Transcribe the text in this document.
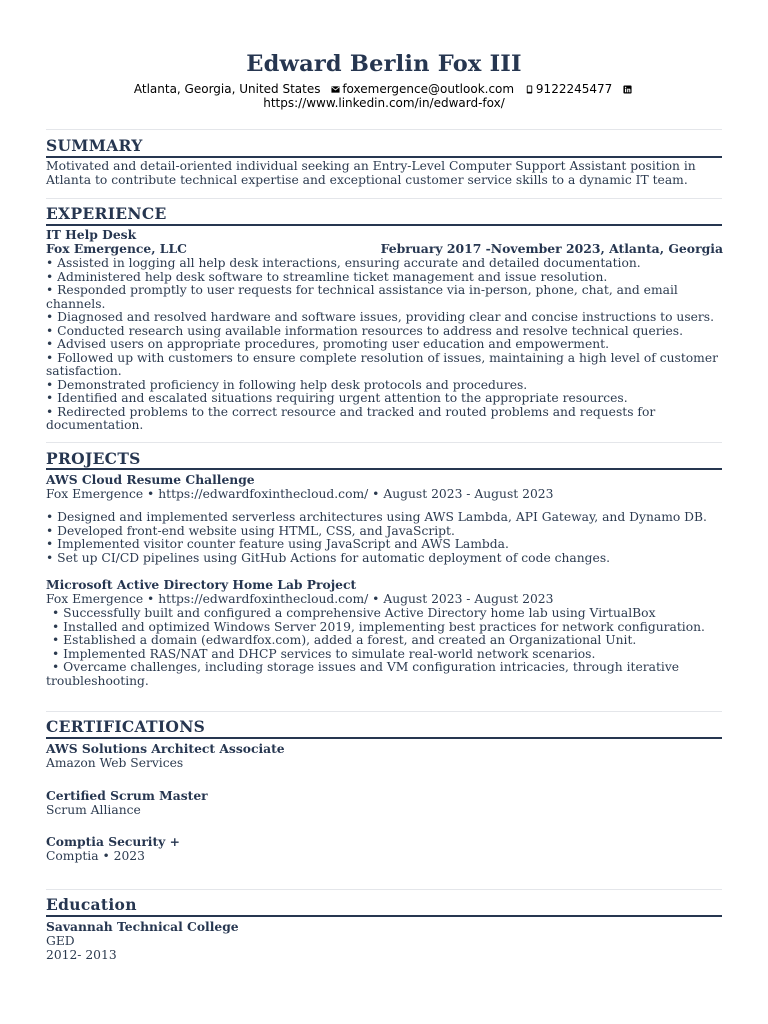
Edward Berlin Fox III
Atlanta, Georgia, United States foxemergence@outlook.com 9122245477
https://www.linkedin.com/in/edward-fox/
SUMMARY
Motivated and detail-oriented individual seeking an Entry-Level Computer Support Assistant position in Atlanta to contribute technical expertise and exceptional customer service skills to a dynamic IT team.
EXPERIENCE
IT Help Desk
Fox Emergence, LLC	February 2017 -November 2023, Atlanta, Georgia
• Assisted in logging all help desk interactions, ensuring accurate and detailed documentation.
• Administered help desk software to streamline ticket management and issue resolution.
• Responded promptly to user requests for technical assistance via in-person, phone, chat, and email channels.
• Diagnosed and resolved hardware and software issues, providing clear and concise instructions to users.
• Conducted research using available information resources to address and resolve technical queries.
• Advised users on appropriate procedures, promoting user education and empowerment.
• Followed up with customers to ensure complete resolution of issues, maintaining a high level of customer satisfaction.
• Demonstrated proficiency in following help desk protocols and procedures.
• Identified and escalated situations requiring urgent attention to the appropriate resources.
• Redirected problems to the correct resource and tracked and routed problems and requests for documentation.
PROJECTS
AWS Cloud Resume Challenge
Fox Emergence • https://edwardfoxinthecloud.com/ • August 2023 - August 2023
• Designed and implemented serverless architectures using AWS Lambda, API Gateway, and Dynamo DB.
• Developed front-end website using HTML, CSS, and JavaScript.
• Implemented visitor counter feature using JavaScript and AWS Lambda.
• Set up CI/CD pipelines using GitHub Actions for automatic deployment of code changes.
Microsoft Active Directory Home Lab Project
Fox Emergence • https://edwardfoxinthecloud.com/ • August 2023 - August 2023
• Successfully built and configured a comprehensive Active Directory home lab using VirtualBox
• Installed and optimized Windows Server 2019, implementing best practices for network configuration.
• Established a domain (edwardfox.com), added a forest, and created an Organizational Unit.
• Implemented RAS/NAT and DHCP services to simulate real-world network scenarios.
• Overcame challenges, including storage issues and VM configuration intricacies, through iterative troubleshooting.
CERTIFICATIONS
AWS Solutions Architect Associate
Amazon Web Services
Certified Scrum Master
Scrum Alliance
Comptia Security +
Comptia • 2023
Education
Savannah Technical College
GED
2012- 2013
